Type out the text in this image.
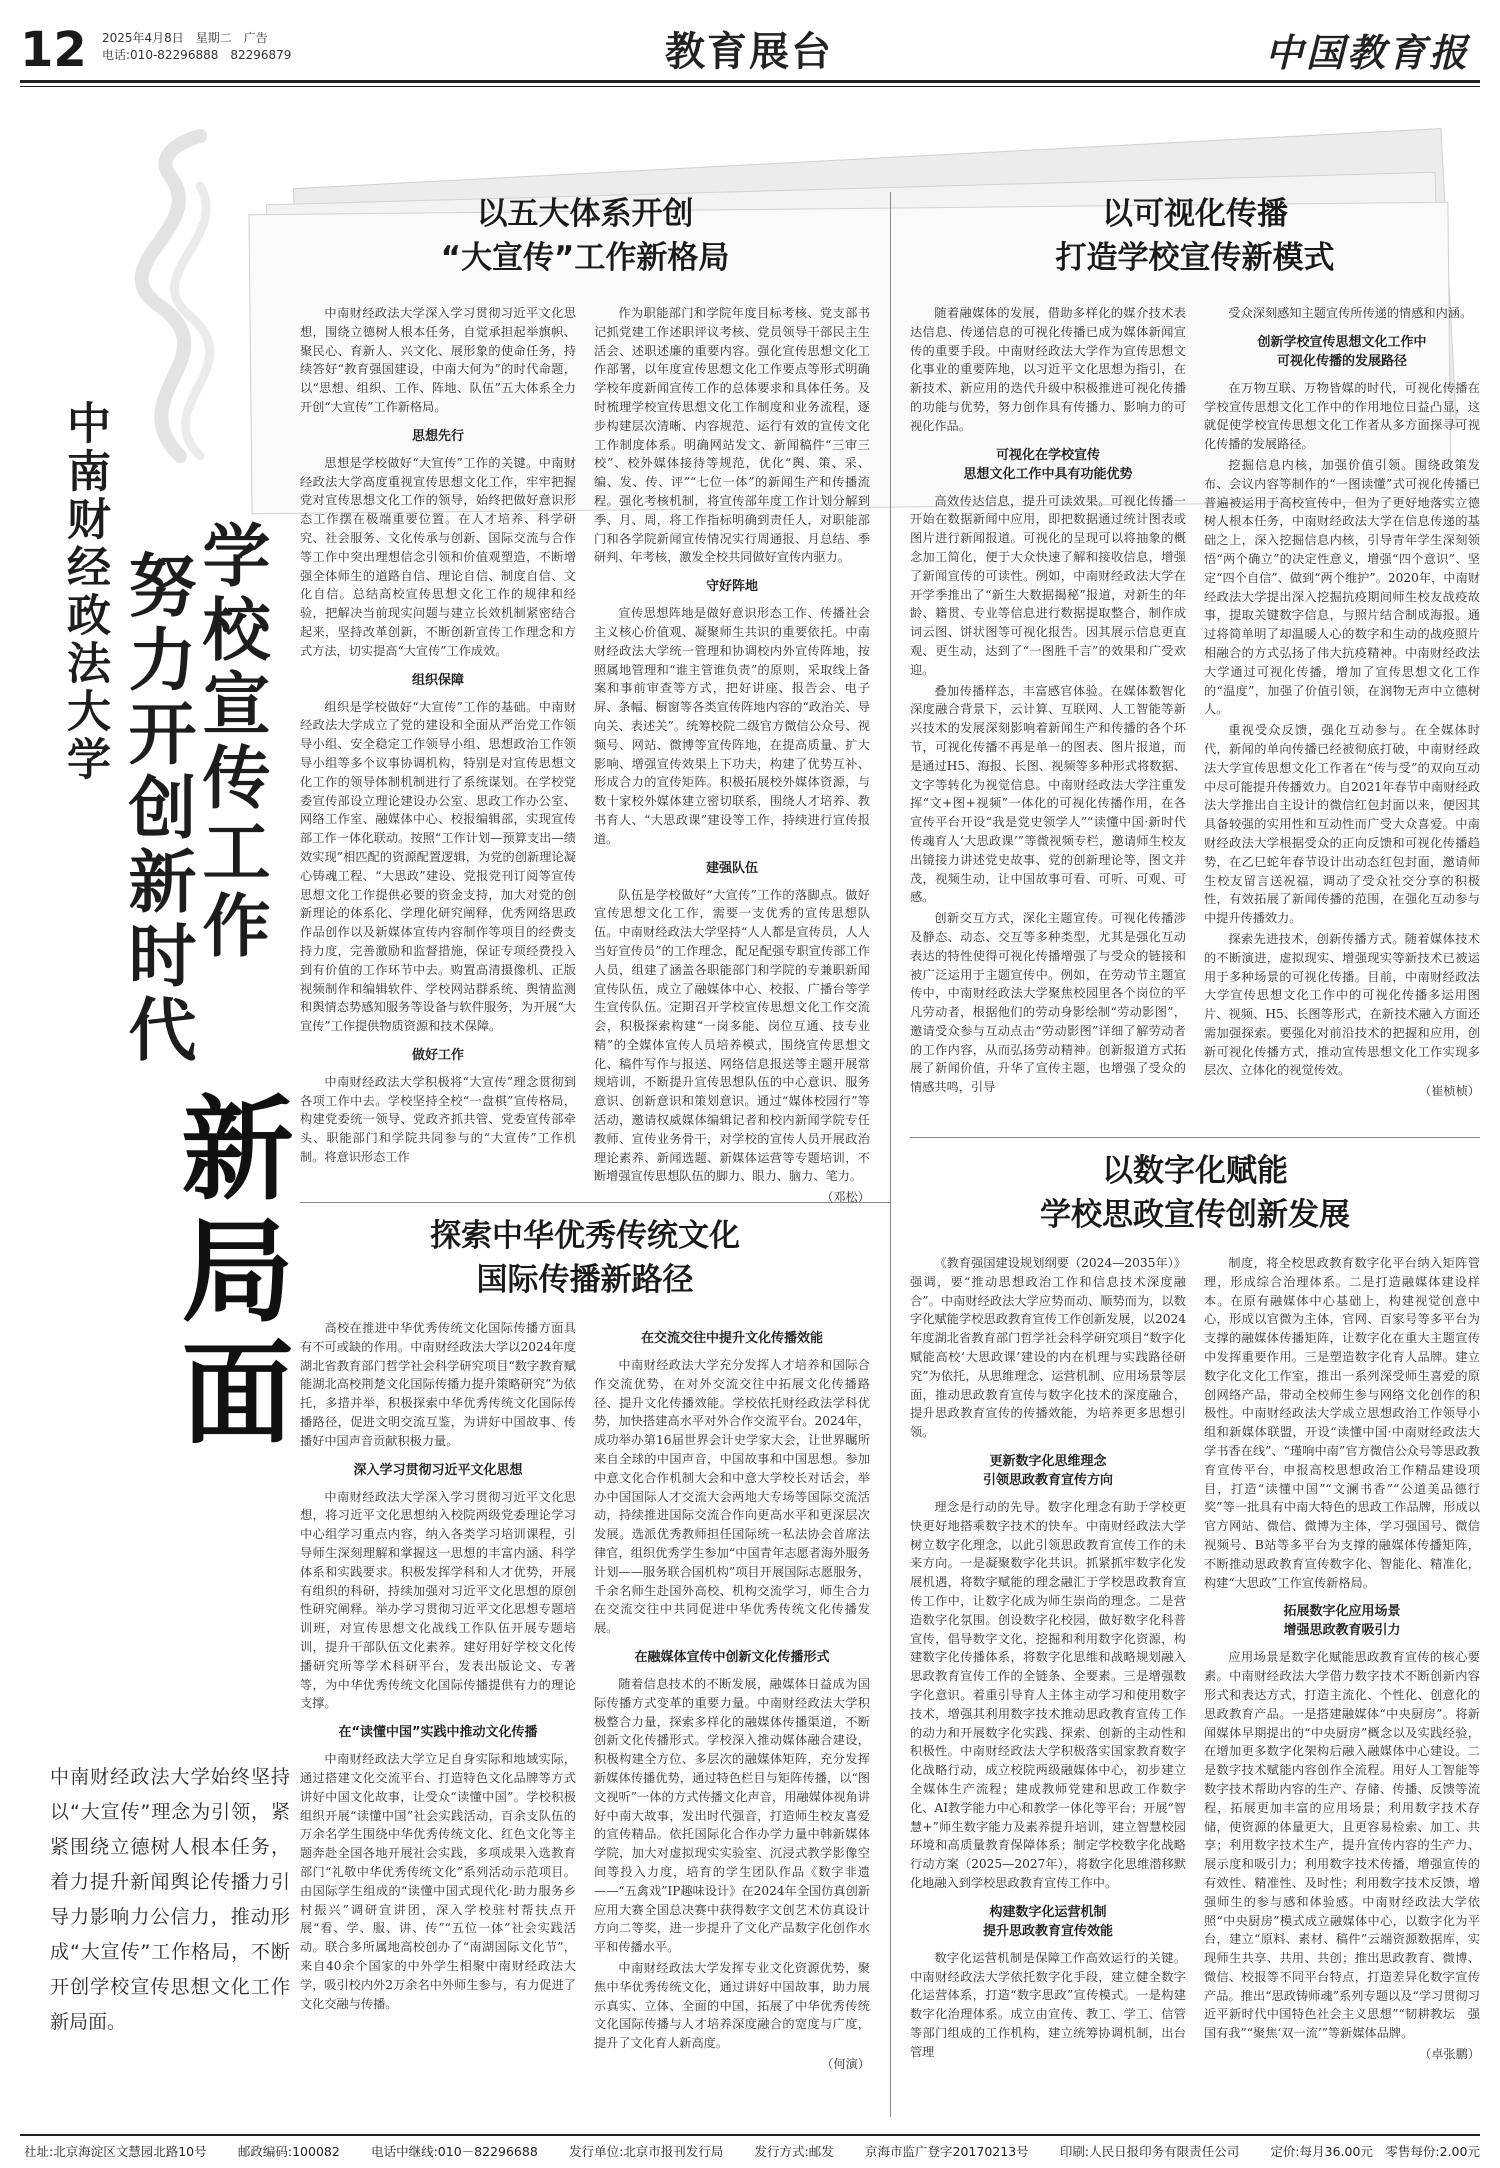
12 2025年4月8日　星期二　广告
电话:010-82296888　82296879	教育展台	中国教育报
中南财经政法大学 学校宣传工作
努力开创新时代
新局面
中南财经政法大学始终坚持以“大宣传”理念为引领，紧紧围绕立德树人根本任务，着力提升新闻舆论传播力引导力影响力公信力，推动形成“大宣传”工作格局，不断开创学校宣传思想文化工作新局面。
以五大体系开创
“大宣传”工作新格局
中南财经政法大学深入学习贯彻习近平文化思想，围绕立德树人根本任务，自觉承担起举旗帜、聚民心、育新人、兴文化、展形象的使命任务，持续答好“教育强国建设，中南大何为”的时代命题，以“思想、组织、工作、阵地、队伍”五大体系全力开创“大宣传”工作新格局。
思想先行
思想是学校做好“大宣传”工作的关键。中南财经政法大学高度重视宣传思想文化工作，牢牢把握党对宣传思想文化工作的领导，始终把做好意识形态工作摆在极端重要位置。在人才培养、科学研究、社会服务、文化传承与创新、国际交流与合作等工作中突出理想信念引领和价值观塑造，不断增强全体师生的道路自信、理论自信、制度自信、文化自信。总结高校宣传思想文化工作的规律和经验，把解决当前现实问题与建立长效机制紧密结合起来，坚持改革创新，不断创新宣传工作理念和方式方法，切实提高“大宣传”工作成效。
组织保障
组织是学校做好“大宣传”工作的基础。中南财经政法大学成立了党的建设和全面从严治党工作领导小组、安全稳定工作领导小组、思想政治工作领导小组等多个议事协调机构，特别是对宣传思想文化工作的领导体制机制进行了系统谋划。在学校党委宣传部设立理论建设办公室、思政工作办公室、网络工作室、融媒体中心、校报编辑部，实现宣传部工作一体化联动。按照“工作计划—预算支出—绩效实现”相匹配的资源配置逻辑，为党的创新理论凝心铸魂工程、“大思政”建设、党报党刊订阅等宣传思想文化工作提供必要的资金支持，加大对党的创新理论的体系化、学理化研究阐释，优秀网络思政作品创作以及新媒体宣传内容制作等项目的经费支持力度，完善激励和监督措施，保证专项经费投入到有价值的工作环节中去。购置高清摄像机、正版视频制作和编辑软件、学校网站群系统、舆情监测和舆情态势感知服务等设备与软件服务，为开展“大宣传”工作提供物质资源和技术保障。
做好工作
中南财经政法大学积极将“大宣传”理念贯彻到各项工作中去。学校坚持全校“一盘棋”宣传格局，构建党委统一领导、党政齐抓共管、党委宣传部牵头、职能部门和学院共同参与的“大宣传”工作机制。将意识形态工作
作为职能部门和学院年度目标考核、党支部书记抓党建工作述职评议考核、党员领导干部民主生活会、述职述廉的重要内容。强化宣传思想文化工作部署，以年度宣传思想文化工作要点等形式明确学校年度新闻宣传工作的总体要求和具体任务。及时梳理学校宣传思想文化工作制度和业务流程，逐步构建层次清晰、内容规范、运行有效的宣传文化工作制度体系。明确网站发文、新闻稿件“三审三校”、校外媒体接待等规范，优化“舆、策、采、编、发、传、评”“七位一体”的新闻生产和传播流程。强化考核机制，将宣传部年度工作计划分解到季、月、周，将工作指标明确到责任人，对职能部门和各学院新闻宣传情况实行周通报、月总结、季研判、年考核，激发全校共同做好宣传内驱力。
守好阵地
宣传思想阵地是做好意识形态工作、传播社会主义核心价值观、凝聚师生共识的重要依托。中南财经政法大学统一管理和协调校内外宣传阵地，按照属地管理和“谁主管谁负责”的原则，采取线上备案和事前审查等方式，把好讲座、报告会、电子屏、条幅、橱窗等各类宣传阵地内容的“政治关、导向关、表述关”。统筹校院二级官方微信公众号、视频号、网站、微博等宣传阵地，在提高质量、扩大影响、增强宣传效果上下功夫，构建了优势互补、形成合力的宣传矩阵。积极拓展校外媒体资源，与数十家校外媒体建立密切联系，围绕人才培养、教书育人、“大思政课”建设等工作，持续进行宣传报道。
建强队伍
队伍是学校做好“大宣传”工作的落脚点。做好宣传思想文化工作，需要一支优秀的宣传思想队伍。中南财经政法大学坚持“人人都是宣传员，人人当好宣传员”的工作理念，配足配强专职宣传部工作人员，组建了涵盖各职能部门和学院的专兼职新闻宣传队伍，成立了融媒体中心、校报、广播台等学生宣传队伍。定期召开学校宣传思想文化工作交流会，积极探索构建“一岗多能、岗位互通、技专业精”的全媒体宣传人员培养模式，围绕宣传思想文化、稿件写作与报送、网络信息报送等主题开展常规培训，不断提升宣传思想队伍的中心意识、服务意识、创新意识和策划意识。通过“媒体校园行”等活动，邀请权威媒体编辑记者和校内新闻学院专任教师、宣传业务骨干，对学校的宣传人员开展政治理论素养、新闻选题、新媒体运营等专题培训，不断增强宣传思想队伍的脚力、眼力、脑力、笔力。
（邓松）
以可视化传播
打造学校宣传新模式
随着融媒体的发展，借助多样化的媒介技术表达信息、传递信息的可视化传播已成为媒体新闻宣传的重要手段。中南财经政法大学作为宣传思想文化事业的重要阵地，以习近平文化思想为指引，在新技术、新应用的迭代升级中积极推进可视化传播的功能与优势，努力创作具有传播力、影响力的可视化作品。
可视化在学校宣传
思想文化工作中具有功能优势
高效传达信息，提升可读效果。可视化传播一开始在数据新闻中应用，即把数据通过统计图表或图片进行新闻报道。可视化的呈现可以将抽象的概念加工简化，便于大众快速了解和接收信息，增强了新闻宣传的可读性。例如，中南财经政法大学在开学季推出了“新生大数据揭秘”报道，对新生的年龄、籍贯、专业等信息进行数据提取整合，制作成词云图、饼状图等可视化报告。因其展示信息更直观、更生动，达到了“一图胜千言”的效果和广受欢迎。
叠加传播样态，丰富感官体验。在媒体数智化深度融合背景下，云计算、互联网、人工智能等新兴技术的发展深刻影响着新闻生产和传播的各个环节，可视化传播不再是单一的图表、图片报道，而是通过H5、海报、长图、视频等多种形式将数据、文字等转化为视觉信息。中南财经政法大学注重发挥“文+图+视频”一体化的可视化传播作用，在各宣传平台开设“我是党史领学人”“读懂中国·新时代传魂育人‘大思政课’”等微视频专栏，邀请师生校友出镜接力讲述党史故事、党的创新理论等，图文并茂，视频生动，让中国故事可看、可听、可观、可感。
创新交互方式，深化主题宣传。可视化传播涉及静态、动态、交互等多种类型，尤其是强化互动表达的特性使得可视化传播增强了与受众的链接和被广泛运用于主题宣传中。例如，在劳动节主题宣传中，中南财经政法大学聚焦校园里各个岗位的平凡劳动者，根据他们的劳动身影绘制“劳动影图”，邀请受众参与互动点击“劳动影图”详细了解劳动者的工作内容，从而弘扬劳动精神。创新报道方式拓展了新闻价值，升华了宣传主题，也增强了受众的情感共鸣，引导
受众深刻感知主题宣传所传递的情感和内涵。
创新学校宣传思想文化工作中
可视化传播的发展路径
在万物互联、万物皆媒的时代，可视化传播在学校宣传思想文化工作中的作用地位日益凸显，这就促使学校宣传思想文化工作者从多方面探寻可视化传播的发展路径。
挖掘信息内核，加强价值引领。围绕政策发布、会议内容等制作的“一图读懂”式可视化传播已普遍被运用于高校宣传中，但为了更好地落实立德树人根本任务，中南财经政法大学在信息传递的基础之上，深入挖掘信息内核，引导青年学生深刻领悟“两个确立”的决定性意义，增强“四个意识”、坚定“四个自信”、做到“两个维护”。2020年，中南财经政法大学提出深入挖掘抗疫期间师生校友战疫故事，提取关键数字信息，与照片结合制成海报。通过将简单明了却温暖人心的数字和生动的战疫照片相融合的方式弘扬了伟大抗疫精神。中南财经政法大学通过可视化传播，增加了宣传思想文化工作的“温度”，加强了价值引领，在润物无声中立德树人。
重视受众反馈，强化互动参与。在全媒体时代，新闻的单向传播已经被彻底打破，中南财经政法大学宣传思想文化工作者在“传与受”的双向互动中尽可能提升传播效力。自2021年春节中南财经政法大学推出自主设计的微信红包封面以来，便因其具备较强的实用性和互动性而广受大众喜爱。中南财经政法大学根据受众的正向反馈和可视化传播趋势，在乙巳蛇年春节设计出动态红包封面，邀请师生校友留言送祝福，调动了受众社交分享的积极性，有效拓展了新闻传播的范围，在强化互动参与中提升传播效力。
探索先进技术，创新传播方式。随着媒体技术的不断演进，虚拟现实、增强现实等新技术已被运用于多种场景的可视化传播。目前，中南财经政法大学宣传思想文化工作中的可视化传播多运用图片、视频、H5、长图等形式，在新技术融入方面还需加强探索。要强化对前沿技术的把握和应用，创新可视化传播方式，推动宣传思想文化工作实现多层次、立体化的视觉传效。
（崔桢桢）
探索中华优秀传统文化
国际传播新路径
高校在推进中华优秀传统文化国际传播方面具有不可或缺的作用。中南财经政法大学以2024年度湖北省教育部门哲学社会科学研究项目“数字教育赋能湖北高校荆楚文化国际传播力提升策略研究”为依托，多措并举，积极探索中华优秀传统文化国际传播路径，促进文明交流互鉴，为讲好中国故事、传播好中国声音贡献积极力量。
深入学习贯彻习近平文化思想
中南财经政法大学深入学习贯彻习近平文化思想，将习近平文化思想纳入校院两级党委理论学习中心组学习重点内容，纳入各类学习培训课程，引导师生深刻理解和掌握这一思想的丰富内涵、科学体系和实践要求。积极发挥学科和人才优势，开展有组织的科研，持续加强对习近平文化思想的原创性研究阐释。举办学习贯彻习近平文化思想专题培训班，对宣传思想文化战线工作队伍开展专题培训，提升干部队伍文化素养。建好用好学校文化传播研究所等学术科研平台，发表出版论文、专著等，为中华优秀传统文化国际传播提供有力的理论支撑。
在“读懂中国”实践中推动文化传播
中南财经政法大学立足自身实际和地域实际，通过搭建文化交流平台、打造特色文化品牌等方式讲好中国文化故事，让受众“读懂中国”。学校积极组织开展“读懂中国”社会实践活动，百余支队伍的万余名学生围绕中华优秀传统文化、红色文化等主题奔赴全国各地开展社会实践，多项成果入选教育部门“礼敬中华优秀传统文化”系列活动示范项目。由国际学生组成的“读懂中国式现代化·助力服务乡村振兴”调研宣讲团，深入学校驻村帮扶点开展“看、学、服、讲、传”“五位一体”社会实践活动。联合多所属地高校创办了“南湖国际文化节”，来自40余个国家的中外学生相聚中南财经政法大学，吸引校内外2万余名中外师生参与，有力促进了文化交融与传播。
在交流交往中提升文化传播效能
中南财经政法大学充分发挥人才培养和国际合作交流优势，在对外交流交往中拓展文化传播路径、提升文化传播效能。学校依托财经政法学科优势，加快搭建高水平对外合作交流平台。2024年，成功举办第16届世界会计史学家大会，让世界瞩所来自全球的中国声音，中国故事和中国思想。参加中意文化合作机制大会和中意大学校长对话会，举办中国国际人才交流大会两地大专场等国际交流活动，持续推进国际交流合作向更高水平和更深层次发展。选派优秀教师担任国际统一私法协会首席法律官，组织优秀学生参加“中国青年志愿者海外服务计划——服务联合国机构”项目开展国际志愿服务，千余名师生赴国外高校、机构交流学习，师生合力在交流交往中共同促进中华优秀传统文化传播发展。
在融媒体宣传中创新文化传播形式
随着信息技术的不断发展，融媒体日益成为国际传播方式变革的重要力量。中南财经政法大学积极整合力量，探索多样化的融媒体传播渠道，不断创新文化传播形式。学校深入推动媒体融合建设，积极构建全方位、多层次的融媒体矩阵，充分发挥新媒体传播优势，通过特色栏目与矩阵传播，以“图文视听”一体的方式传播文化声音，用融媒体视角讲好中南大故事，发出时代强音，打造师生校友喜爱的宣传精品。依托国际化合作办学力量中韩新媒体学院，加大对虚拟现实实验室、沉浸式教学影像空间等投入力度，培育的学生团队作品《数字非遗——“五禽戏”IP趣味设计》在2024年全国仿真创新应用大赛全国总决赛中获得数字文创艺术仿真设计方向二等奖，进一步提升了文化产品数字化创作水平和传播水平。
中南财经政法大学发挥专业文化资源优势，聚焦中华优秀传统文化，通过讲好中国故事，助力展示真实、立体、全面的中国，拓展了中华优秀传统文化国际传播与人才培养深度融合的宽度与广度，提升了文化育人新高度。
（何演）
以数字化赋能
学校思政宣传创新发展
《教育强国建设规划纲要（2024—2035年）》强调，要“推动思想政治工作和信息技术深度融合”。中南财经政法大学应势而动、顺势而为，以数字化赋能学校思政教育宣传工作创新发展，以2024年度湖北省教育部门哲学社会科学研究项目“数字化赋能高校‘大思政课’建设的内在机理与实践路径研究”为依托，从思维理念、运营机制、应用场景等层面，推动思政教育宣传与数字化技术的深度融合，提升思政教育宣传的传播效能，为培养更多思想引领。
更新数字化思维理念
引领思政教育宣传方向
理念是行动的先导。数字化理念有助于学校更快更好地搭乘数字技术的快车。中南财经政法大学树立数字化理念，以此引领思政教育宣传工作的未来方向。一是凝聚数字化共识。抓紧抓牢数字化发展机遇，将数字赋能的理念融汇于学校思政教育宣传工作中，让数字化成为师生崇尚的理念。二是营造数字化氛围。创设数字化校园，做好数字化科普宣传，倡导数字文化，挖掘和利用数字化资源，构建数字化传播体系，将数字化思维和战略规划融入思政教育宣传工作的全链条、全要素。三是增强数字化意识。着重引导育人主体主动学习和使用数字技术，增强其利用数字技术推动思政教育宣传工作的动力和开展数字化实践、探索、创新的主动性和积极性。中南财经政法大学积极落实国家教育数字化战略行动，成立校院两级融媒体中心，初步建立全媒体生产流程；建成教师党建和思政工作数字化、AI教学能力中心和教学一体化等平台；开展“智慧+”师生数字能力及素养提升培训，建立智慧校园环境和高质量教育保障体系；制定学校数字化战略行动方案（2025—2027年），将数字化思维潜移默化地融入到学校思政教育宣传工作中。
构建数字化运营机制
提升思政教育宣传效能
数字化运营机制是保障工作高效运行的关键。中南财经政法大学依托数字化手段，建立健全数字化运营体系，打造“数字思政”宣传模式。一是构建数字化治理体系。成立由宣传、教工、学工、信管等部门组成的工作机构，建立统筹协调机制，出台管理
制度，将全校思政教育数字化平台纳入矩阵管理，形成综合治理体系。二是打造融媒体建设样本。在原有融媒体中心基础上，构建视觉创意中心，形成以官微为主体，官网、百家号等多平台为支撑的融媒体传播矩阵，让数字化在重大主题宣传中发挥重要作用。三是塑造数字化育人品牌。建立数字化文化工作室，推出一系列深受师生喜爱的原创网络产品，带动全校师生参与网络文化创作的积极性。中南财经政法大学成立思想政治工作领导小组和新媒体联盟，开设“读懂中国·中南财经政法大学书香在线”、“瑾响中南”官方微信公众号等思政教育宣传平台，申报高校思想政治工作精品建设项目，打造“读懂中国”“文澜书香”“公道美品德行奖”等一批具有中南大特色的思政工作品牌，形成以官方网站、微信、微博为主体，学习强国号、微信视频号、B站等多平台为支撑的融媒体传播矩阵，不断推动思政教育宣传数字化、智能化、精准化，构建“大思政”工作宣传新格局。
拓展数字化应用场景
增强思政教育吸引力
应用场景是数字化赋能思政教育宣传的核心要素。中南财经政法大学借力数字技术不断创新内容形式和表达方式，打造主流化、个性化、创意化的思政教育产品。一是搭建融媒体“中央厨房”。将新闻媒体早期提出的“中央厨房”概念以及实践经验，在增加更多数字化架构后融入融媒体中心建设。二是数字技术赋能内容创作全流程。用好人工智能等数字技术帮助内容的生产、存储、传播、反馈等流程，拓展更加丰富的应用场景；利用数字技术存储，使资源的体量更大，且更容易检索、加工、共享；利用数字技术生产，提升宣传内容的生产力、展示度和吸引力；利用数字技术传播，增强宣传的有效性、精准性、及时性；利用数字技术反馈，增强师生的参与感和体验感。中南财经政法大学依照“中央厨房”模式成立融媒体中心，以数字化为平台，建立“原料、素材、稿件”云端资源数据库，实现师生共享、共用、共创；推出思政教育、微博、微信、校报等不同平台特点，打造差异化数字宣传产品。推出“思政铸师魂”系列专题以及“学习贯彻习近平新时代中国特色社会主义思想”“韧耕教坛　强国有我”“聚焦‘双一流’”等新媒体品牌。
（卓张鹏）
社址:北京海淀区文慧园北路10号	邮政编码:100082	电话中继线:010－82296688	发行单位:北京市报刊发行局	发行方式:邮发	京海市监广登字20170213号	印刷:人民日报印务有限责任公司	定价:每月36.00元　零售每份:2.00元
